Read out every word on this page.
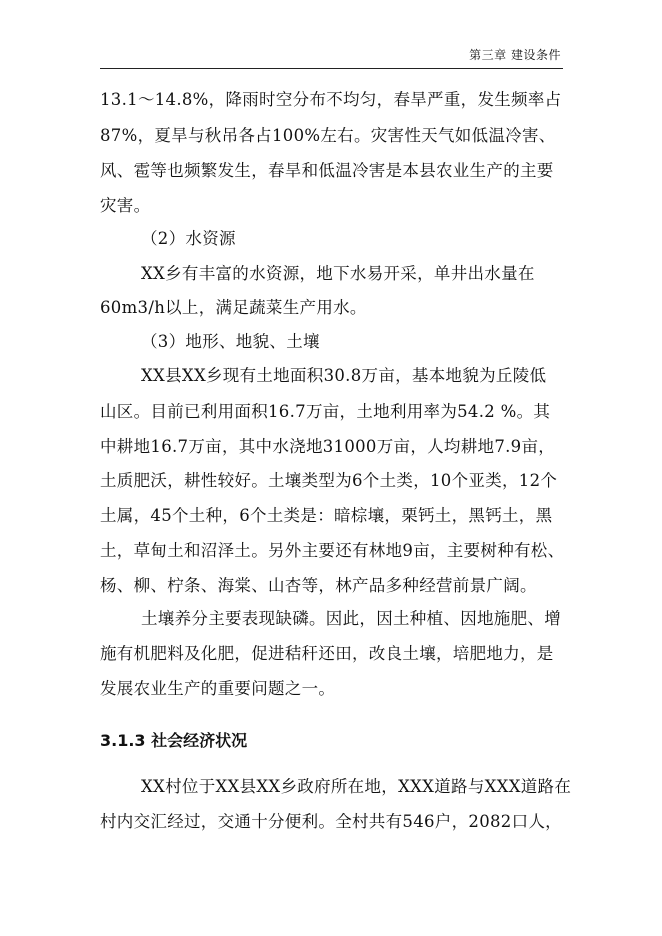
第三章 建设条件
13.1～14.8%，降雨时空分布不均匀，春旱严重，发生频率占
87%，夏旱与秋吊各占100%左右。灾害性天气如低温冷害、
风、雹等也频繁发生，春旱和低温冷害是本县农业生产的主要
灾害。
（2）水资源
XX乡有丰富的水资源，地下水易开采，单井出水量在
60m3/h以上，满足蔬菜生产用水。
（3）地形、地貌、土壤
XX县XX乡现有土地面积30.8万亩，基本地貌为丘陵低
山区。目前已利用面积16.7万亩，土地利用率为54.2 %。其
中耕地16.7万亩，其中水浇地31000万亩，人均耕地7.9亩，
土质肥沃，耕性较好。土壤类型为6个土类，10个亚类，12个
土属，45个土种，6个土类是：暗棕壤，栗钙土，黑钙土，黑
土，草甸土和沼泽土。另外主要还有林地9亩，主要树种有松、
杨、柳、柠条、海棠、山杏等，林产品多种经营前景广阔。
土壤养分主要表现缺磷。因此，因土种植、因地施肥、增
施有机肥料及化肥，促进秸秆还田，改良土壤，培肥地力，是
发展农业生产的重要问题之一。
3.1.3 社会经济状况
XX村位于XX县XX乡政府所在地，XXX道路与XXX道路在
村内交汇经过，交通十分便利。全村共有546户，2082口人，
